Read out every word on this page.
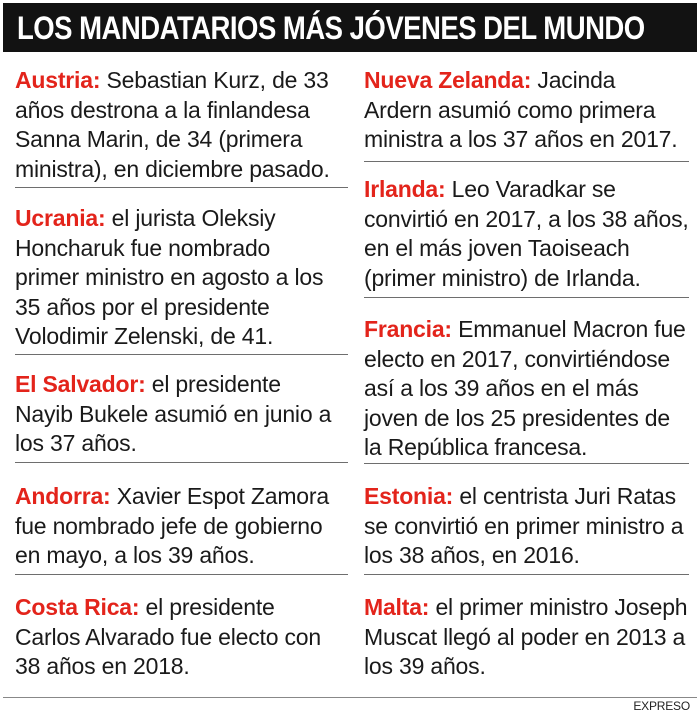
LOS MANDATARIOS MÁS JÓVENES DEL MUNDO

Austria: Sebastian Kurz, de 33

años destrona a la finlandesa

Sanna Marin, de 34 (primera

ministra), en diciembre pasado.

Ucrania: el jurista Oleksiy

Honcharuk fue nombrado

primer ministro en agosto a los

35 años por el presidente

Volodimir Zelenski, de 41.

El Salvador: el presidente

Nayib Bukele asumió en junio a

los 37 años.

Andorra: Xavier Espot Zamora

fue nombrado jefe de gobierno

en mayo, a los 39 años.

Costa Rica: el presidente

Carlos Alvarado fue electo con

38 años en 2018.

Nueva Zelanda: Jacinda

Ardern asumió como primera

ministra a los 37 años en 2017.

Irlanda: Leo Varadkar se

convirtió en 2017, a los 38 años,

en el más joven Taoiseach

(primer ministro) de Irlanda.

Francia: Emmanuel Macron fue

electo en 2017, convirtiéndose

así a los 39 años en el más

joven de los 25 presidentes de

la República francesa.

Estonia: el centrista Juri Ratas

se convirtió en primer ministro a

los 38 años, en 2016.

Malta: el primer ministro Joseph

Muscat llegó al poder en 2013 a

los 39 años.

EXPRESO
